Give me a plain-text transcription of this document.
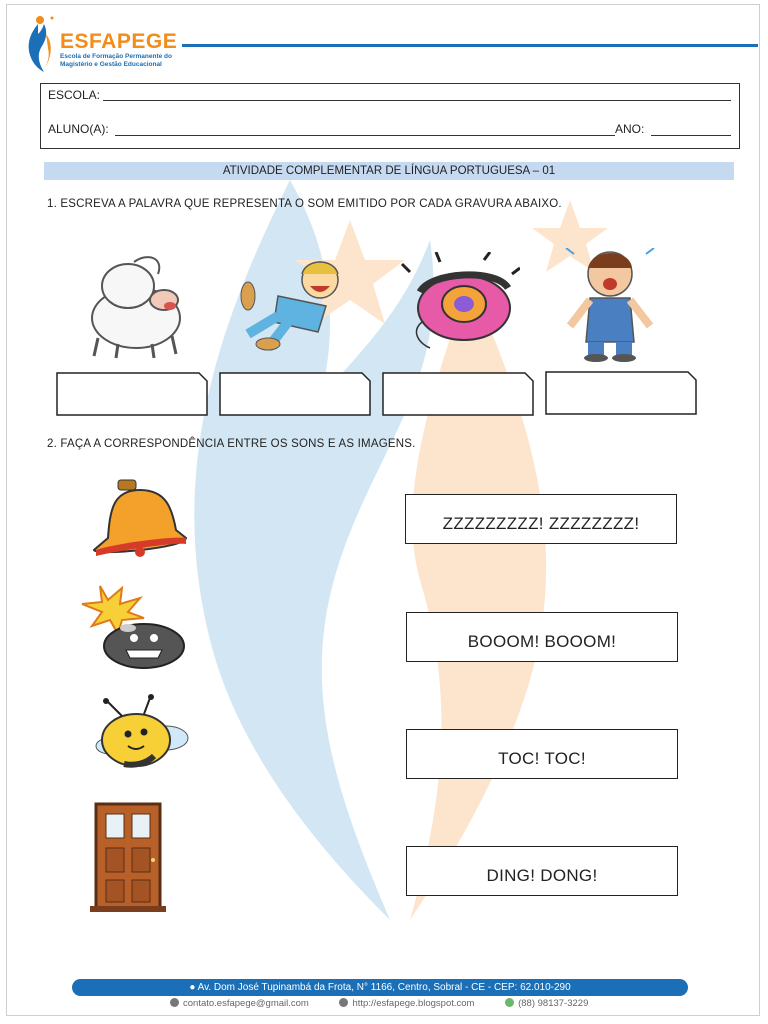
ESFAPEGE
Escola de Formação Permanente do Magistério e Gestão Educacional
ESCOLA:
ALUNO(A):	ANO:
ATIVIDADE COMPLEMENTAR DE LÍNGUA PORTUGUESA – 01
1. ESCREVA A PALAVRA QUE REPRESENTA O SOM EMITIDO POR CADA GRAVURA ABAIXO.
2. FAÇA A CORRESPONDÊNCIA ENTRE OS SONS E AS IMAGENS.
ZZZZZZZZZ! ZZZZZZZZ!
BOOOM! BOOOM!
TOC! TOC!
DING! DONG!
● Av. Dom José Tupinambá da Frota, N° 1166, Centro, Sobral - CE - CEP: 62.010-290
contato.esfapege@gmail.com	http://esfapege.blogspot.com	(88) 98137-3229
